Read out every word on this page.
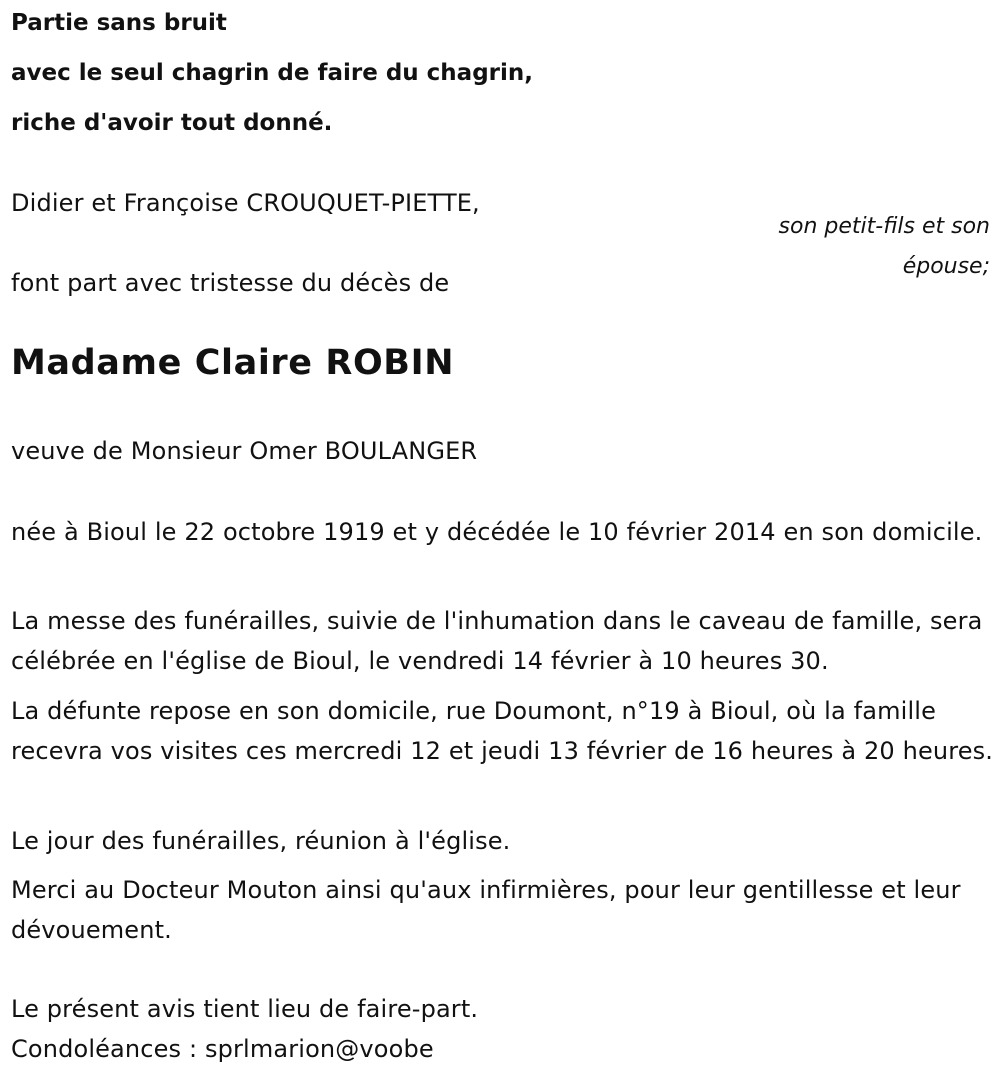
Partie sans bruit

avec le seul chagrin de faire du chagrin,

riche d'avoir tout donné.

Didier et Françoise CROUQUET-PIETTE,

son petit-fils et son

épouse;

font part avec tristesse du décès de

Madame Claire ROBIN

veuve de Monsieur Omer BOULANGER

née à Bioul le 22 octobre 1919 et y décédée le 10 février 2014 en son domicile.

La messe des funérailles, suivie de l'inhumation dans le caveau de famille, sera célébrée en l'église de Bioul, le vendredi 14 février à 10 heures 30.

La défunte repose en son domicile, rue Doumont, n°19 à Bioul, où la famille recevra vos visites ces mercredi 12 et jeudi 13 février de 16 heures à 20 heures.

Le jour des funérailles, réunion à l'église.

Merci au Docteur Mouton ainsi qu'aux infirmières, pour leur gentillesse et leur dévouement.

Le présent avis tient lieu de faire-part.

Condoléances : sprlmarion@voobe
